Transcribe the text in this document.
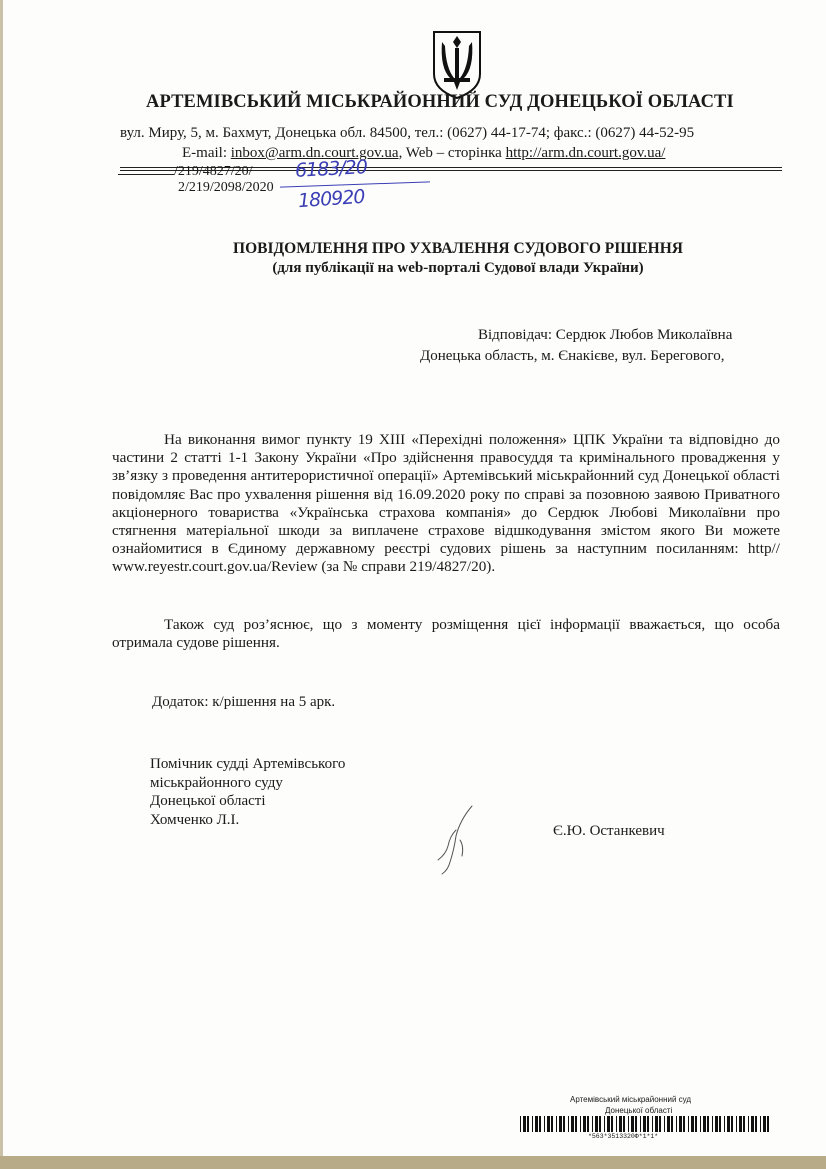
АРТЕМІВСЬКИЙ МІСЬКРАЙОННИЙ СУД ДОНЕЦЬКОЇ ОБЛАСТІ
вул. Миру, 5, м. Бахмут, Донецька обл. 84500, тел.: (0627) 44-17-74; факс.: (0627) 44-52-95
E-mail: inbox@arm.dn.court.gov.ua, Web – сторінка http://arm.dn.court.gov.ua/
/219/4827/20/
2/219/2098/2020
6183/20
180920
ПОВІДОМЛЕННЯ ПРО УХВАЛЕННЯ СУДОВОГО РІШЕННЯ
(для публікації на web-порталі Судової влади України)
Відповідач: Сердюк Любов Миколаївна
Донецька область, м. Єнакієве, вул. Берегового,
На виконання вимог пункту 19 XIII «Перехідні положення» ЦПК України та відповідно до частини 2 статті 1-1 Закону України «Про здійснення правосуддя та кримінального провадження у зв’язку з проведення антитерористичної операції» Артемівський міськрайонний суд Донецької області повідомляє Вас про ухвалення рішення від 16.09.2020 року по справі за позовною заявою Приватного акціонерного товариства «Українська страхова компанія» до Сердюк Любові Миколаївни про стягнення матеріальної шкоди за виплачене страхове відшкодування змістом якого Ви можете ознайомитися в Єдиному державному реєстрі судових рішень за наступним посиланням: http// www.reyestr.court.gov.ua/Review (за № справи 219/4827/20).
Також суд роз’яснює, що з моменту розміщення цієї інформації вважається, що особа отримала судове рішення.
Додаток: к/рішення на 5 арк.
Помічник судді Артемівського
міськрайонного суду
Донецької області
Хомченко Л.І.
Є.Ю. Останкевич
Артемівський міськрайонний суд
Донецької області
*563*3513320Ф*1*1*
